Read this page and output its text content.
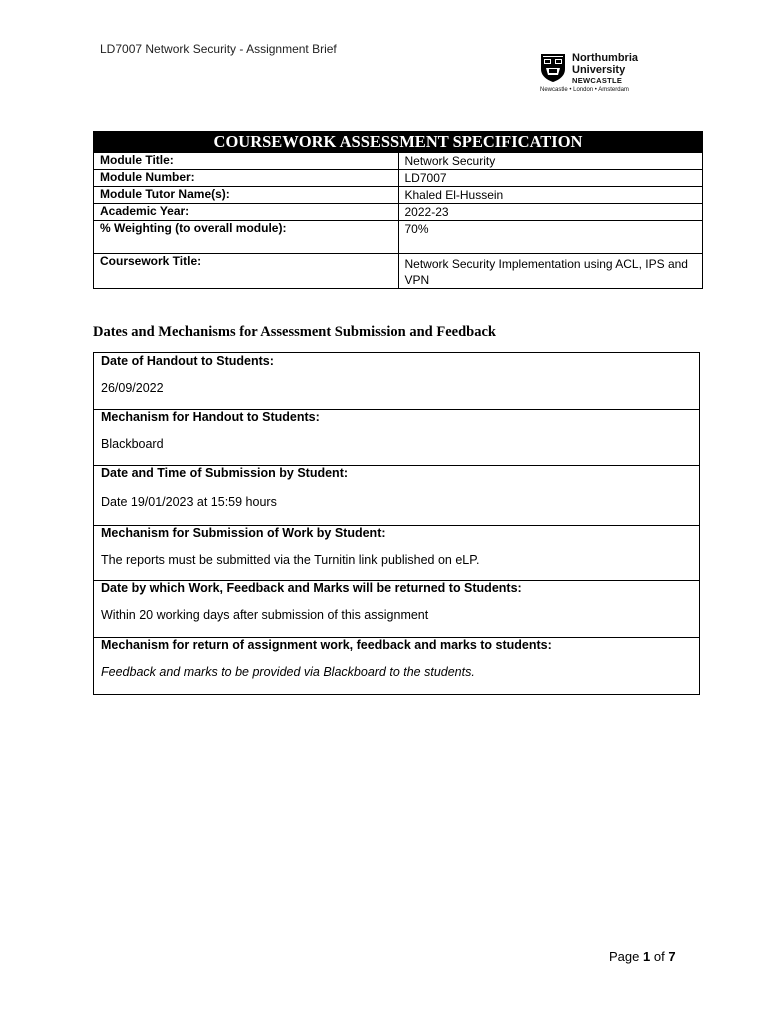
LD7007 Network Security - Assignment Brief
Northumbria
University
NEWCASTLE
Newcastle • London • Amsterdam
COURSEWORK ASSESSMENT SPECIFICATION	
Module Title:	Network Security
Module Number:	LD7007
Module Tutor Name(s):	Khaled El-Hussein
Academic Year:	2022-23
% Weighting (to overall module):	70%
Coursework Title:	Network Security Implementation using ACL, IPS and VPN
Dates and Mechanisms for Assessment Submission and Feedback
Date of Handout to Students:
26/09/2022
Mechanism for Handout to Students:
Blackboard
Date and Time of Submission by Student:
Date 19/01/2023 at 15:59 hours
Mechanism for Submission of Work by Student:
The reports must be submitted via the Turnitin link published on eLP.
Date by which Work, Feedback and Marks will be returned to Students:
Within 20 working days after submission of this assignment
Mechanism for return of assignment work, feedback and marks to students:
Feedback and marks to be provided via Blackboard to the students.
Page 1 of 7
